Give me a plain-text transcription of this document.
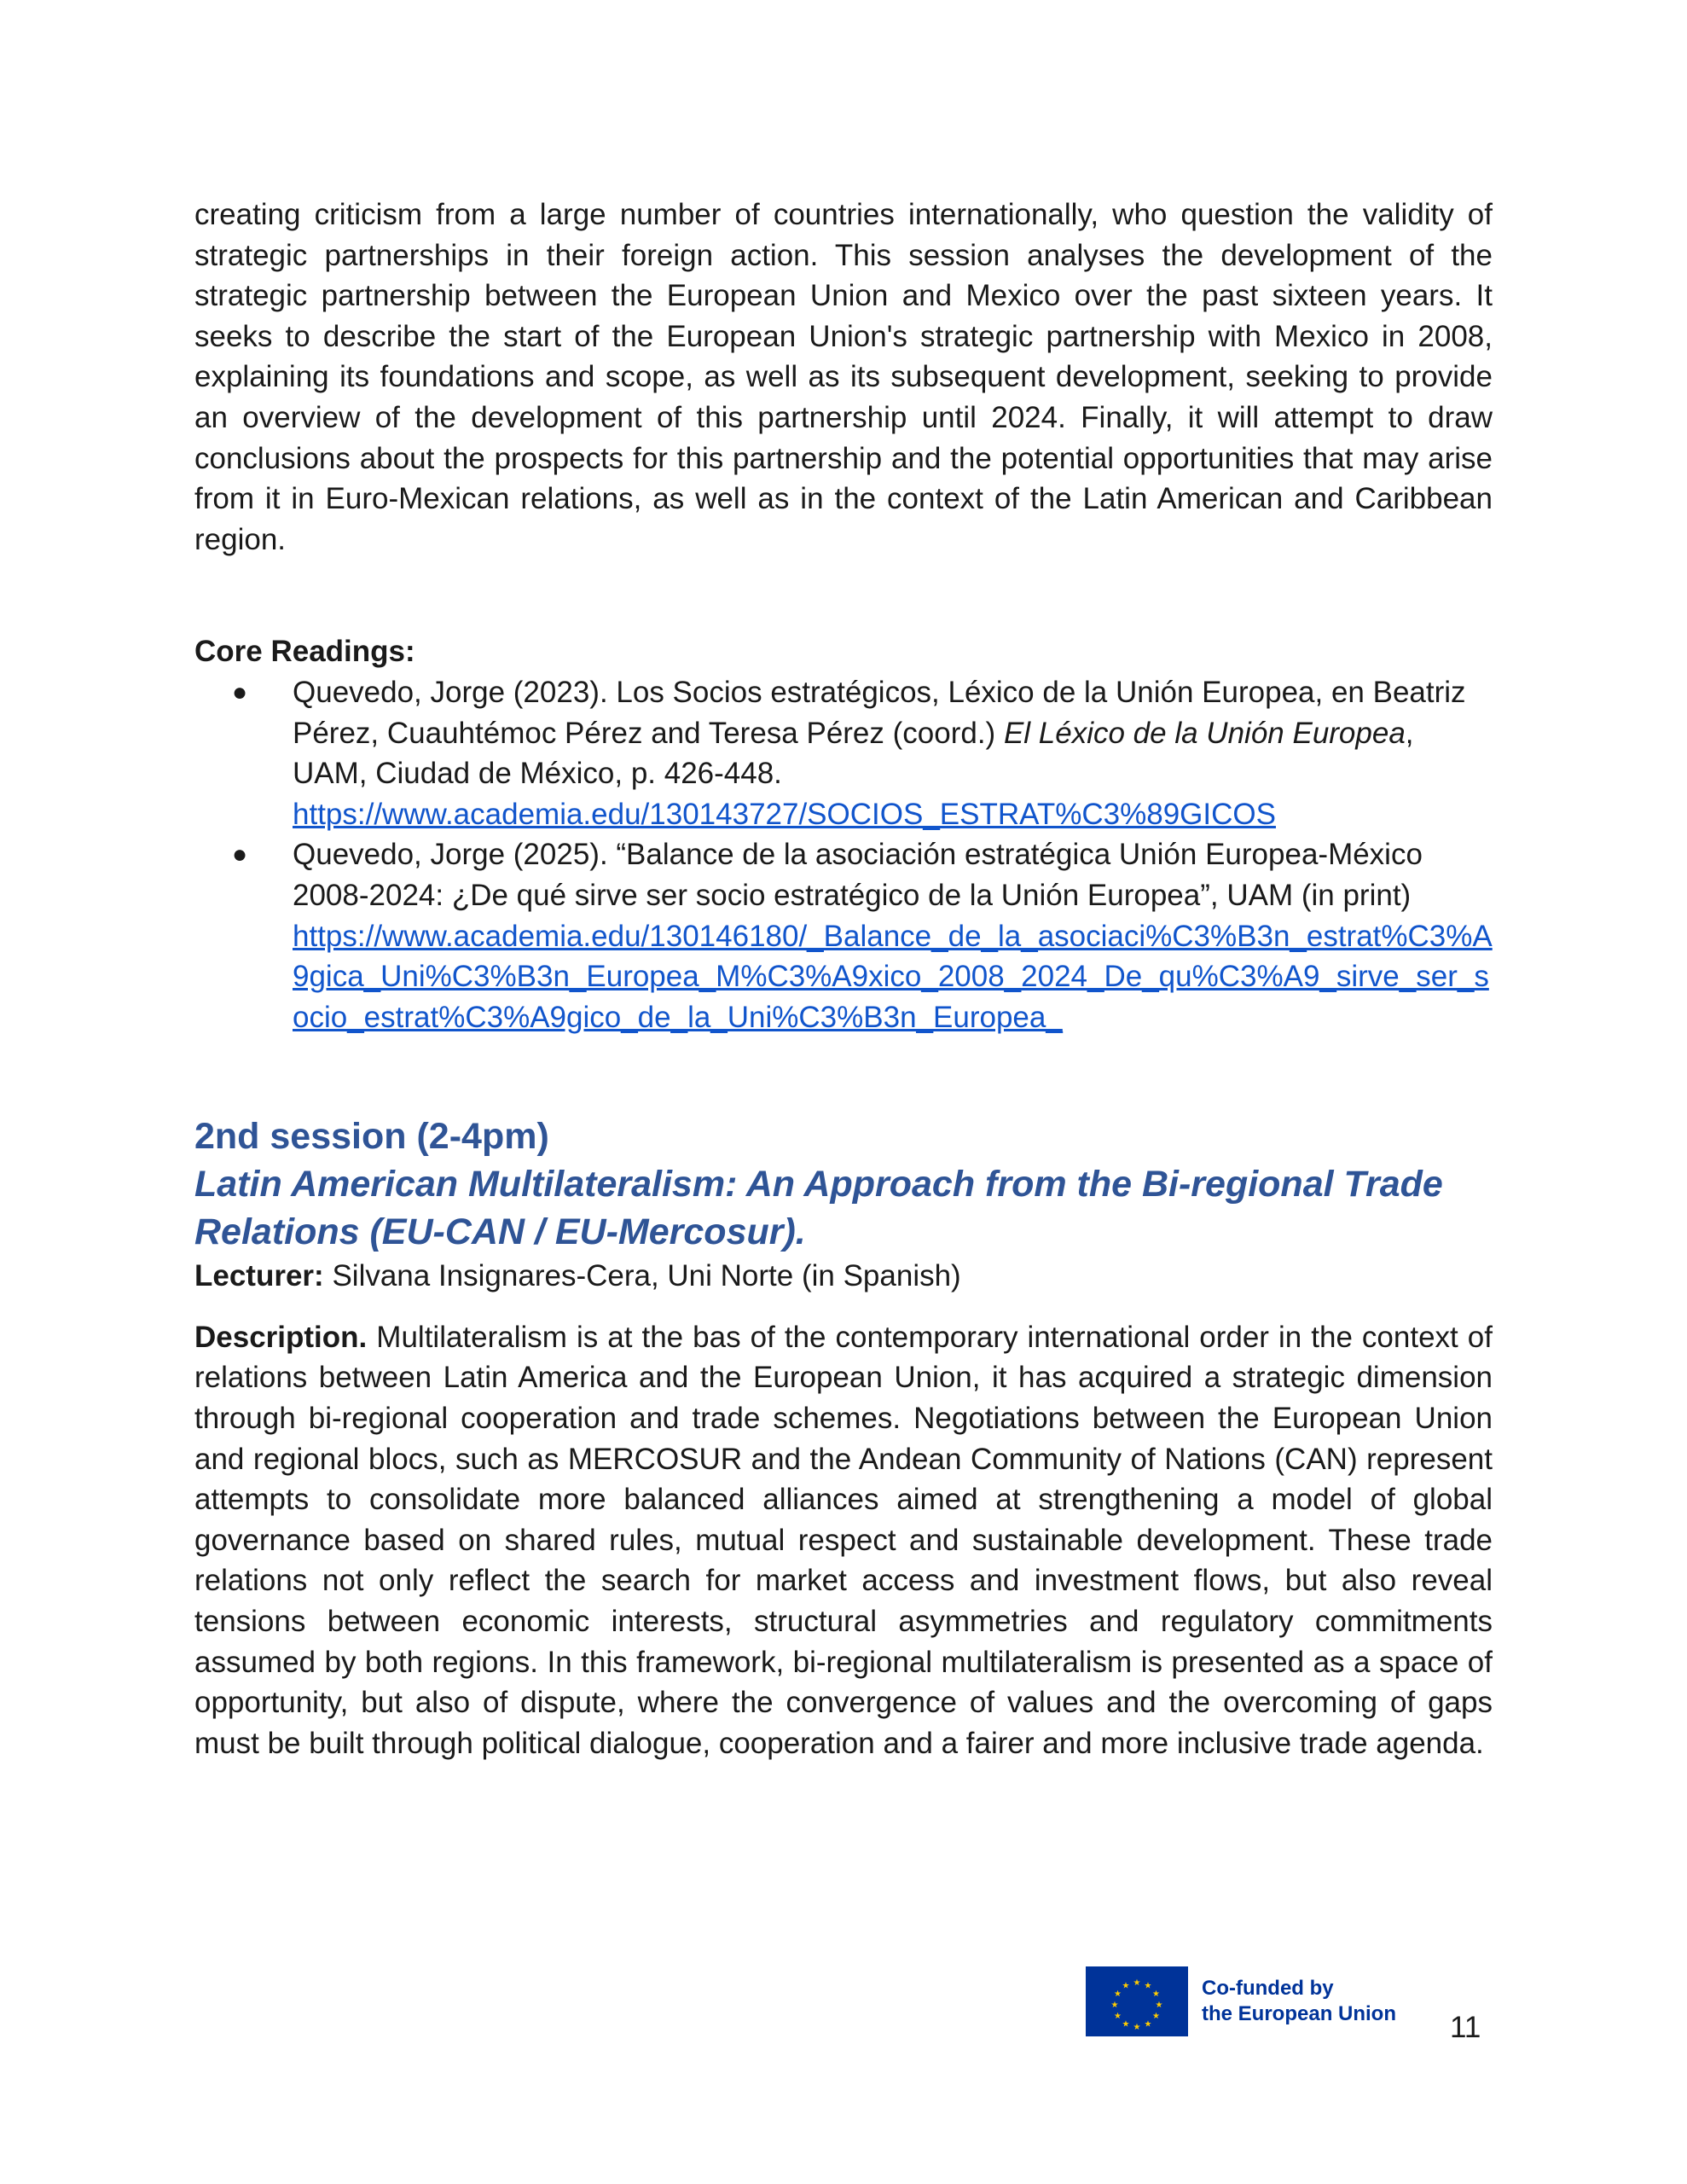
creating criticism from a large number of countries internationally, who question the validity of strategic partnerships in their foreign action. This session analyses the development of the strategic partnership between the European Union and Mexico over the past sixteen years. It seeks to describe the start of the European Union's strategic partnership with Mexico in 2008, explaining its foundations and scope, as well as its subsequent development, seeking to provide an overview of the development of this partnership until 2024. Finally, it will attempt to draw conclusions about the prospects for this partnership and the potential opportunities that may arise from it in Euro-Mexican relations, as well as in the context of the Latin American and Caribbean region.

Core Readings:
● Quevedo, Jorge (2023). Los Socios estratégicos, Léxico de la Unión Europea, en Beatriz Pérez, Cuauhtémoc Pérez and Teresa Pérez (coord.) El Léxico de la Unión Europea, UAM, Ciudad de México, p. 426-448.
https://www.academia.edu/130143727/SOCIOS_ESTRAT%C3%89GICOS
● Quevedo, Jorge (2025). “Balance de la asociación estratégica Unión Europea-México 2008-2024: ¿De qué sirve ser socio estratégico de la Unión Europea”, UAM (in print)
https://www.academia.edu/130146180/_Balance_de_la_asociaci%C3%B3n_estrat%C3%A9gica_Uni%C3%B3n_Europea_M%C3%A9xico_2008_2024_De_qu%C3%A9_sirve_ser_socio_estrat%C3%A9gico_de_la_Uni%C3%B3n_Europea_
2nd session (2-4pm)
Latin American Multilateralism: An Approach from the Bi-regional Trade Relations (EU-CAN / EU-Mercosur).

Lecturer: Silvana Insignares-Cera, Uni Norte (in Spanish)

Description. Multilateralism is at the bas of the contemporary international order in the context of relations between Latin America and the European Union, it has acquired a strategic dimension through bi-regional cooperation and trade schemes. Negotiations between the European Union and regional blocs, such as MERCOSUR and the Andean Community of Nations (CAN) represent attempts to consolidate more balanced alliances aimed at strengthening a model of global governance based on shared rules, mutual respect and sustainable development. These trade relations not only reflect the search for market access and investment flows, but also reveal tensions between economic interests, structural asymmetries and regulatory commitments assumed by both regions. In this framework, bi-regional multilateralism is presented as a space of opportunity, but also of dispute, where the convergence of values and the overcoming of gaps must be built through political dialogue, cooperation and a fairer and more inclusive trade agenda.

★ ★
★
★
★
★
★
★
★
★
★
★	Co-funded by
the European Union 11
